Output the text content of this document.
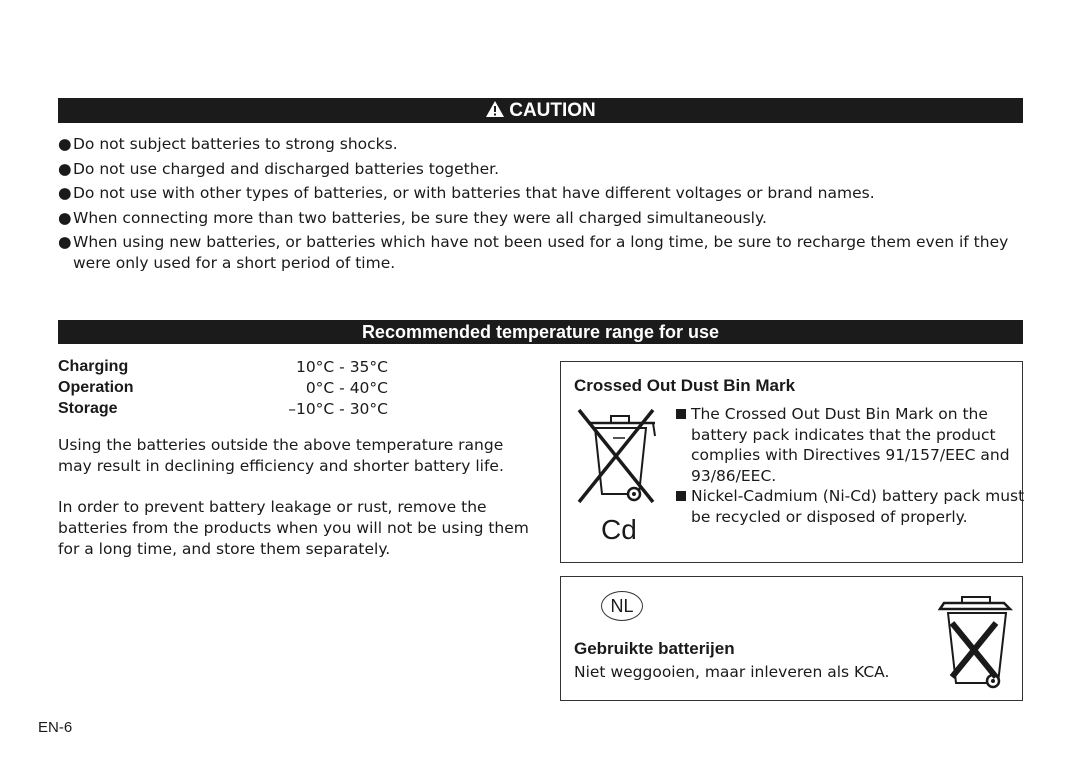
CAUTION
● Do not subject batteries to strong shocks.
● Do not use charged and discharged batteries together.
● Do not use with other types of batteries, or with batteries that have different voltages or brand names.
● When connecting more than two batteries, be sure they were all charged simultaneously.
● When using new batteries, or batteries which have not been used for a long time, be sure to recharge them even if they were only used for a short period of time.
Recommended temperature range for use
Charging	10°C - 35°C
Operation	0°C - 40°C
Storage	–10°C - 30°C

Using the batteries outside the above temperature range may result in declining efficiency and shorter battery life.

In order to prevent battery leakage or rust, remove the batteries from the products when you will not be using them for a long time, and store them separately.

Crossed Out Dust Bin Mark
Cd
The Crossed Out Dust Bin Mark on the battery pack indicates that the product complies with Directives 91/157/EEC and 93/86/EEC.
Nickel-Cadmium (Ni-Cd) battery pack must be recycled or disposed of properly.
NL
Gebruikte batterijen
Niet weggooien, maar inleveren als KCA.
EN-6
